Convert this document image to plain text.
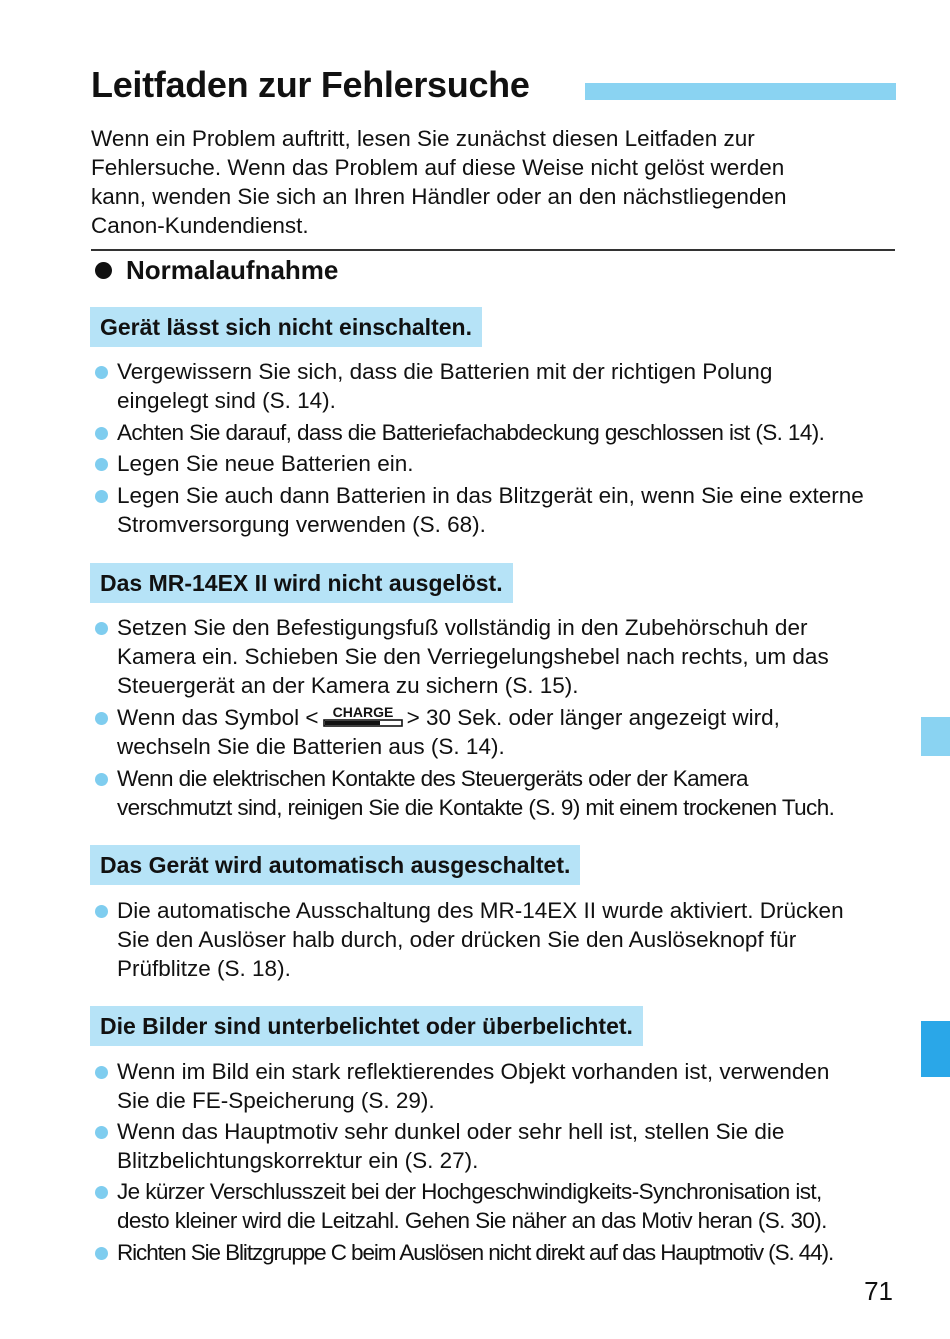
Leitfaden zur Fehlersuche
Wenn ein Problem auftritt, lesen Sie zunächst diesen Leitfaden zur
Fehlersuche. Wenn das Problem auf diese Weise nicht gelöst werden
kann, wenden Sie sich an Ihren Händler oder an den nächstliegenden
Canon-Kundendienst.
Normalaufnahme
Gerät lässt sich nicht einschalten.
Vergewissern Sie sich, dass die Batterien mit der richtigen Polung
eingelegt sind (S. 14).
Achten Sie darauf, dass die Batteriefachabdeckung geschlossen ist (S. 14).
Legen Sie neue Batterien ein.
Legen Sie auch dann Batterien in das Blitzgerät ein, wenn Sie eine externe
Stromversorgung verwenden (S. 68).
Das MR-14EX II wird nicht ausgelöst.
Setzen Sie den Befestigungsfuß vollständig in den Zubehörschuh der
Kamera ein. Schieben Sie den Verriegelungshebel nach rechts, um das
Steuergerät an der Kamera zu sichern (S. 15).
Wenn das Symbol < CHARGE > 30 Sek. oder länger angezeigt wird,
wechseln Sie die Batterien aus (S. 14).
Wenn die elektrischen Kontakte des Steuergeräts oder der Kamera
verschmutzt sind, reinigen Sie die Kontakte (S. 9) mit einem trockenen Tuch.
Das Gerät wird automatisch ausgeschaltet.
Die automatische Ausschaltung des MR-14EX II wurde aktiviert. Drücken
Sie den Auslöser halb durch, oder drücken Sie den Auslöseknopf für
Prüfblitze (S. 18).
Die Bilder sind unterbelichtet oder überbelichtet.
Wenn im Bild ein stark reflektierendes Objekt vorhanden ist, verwenden
Sie die FE-Speicherung (S. 29).
Wenn das Hauptmotiv sehr dunkel oder sehr hell ist, stellen Sie die
Blitzbelichtungskorrektur ein (S. 27).
Je kürzer Verschlusszeit bei der Hochgeschwindigkeits-Synchronisation ist,
desto kleiner wird die Leitzahl. Gehen Sie näher an das Motiv heran (S. 30).
Richten Sie Blitzgruppe C beim Auslösen nicht direkt auf das Hauptmotiv (S. 44).
71
